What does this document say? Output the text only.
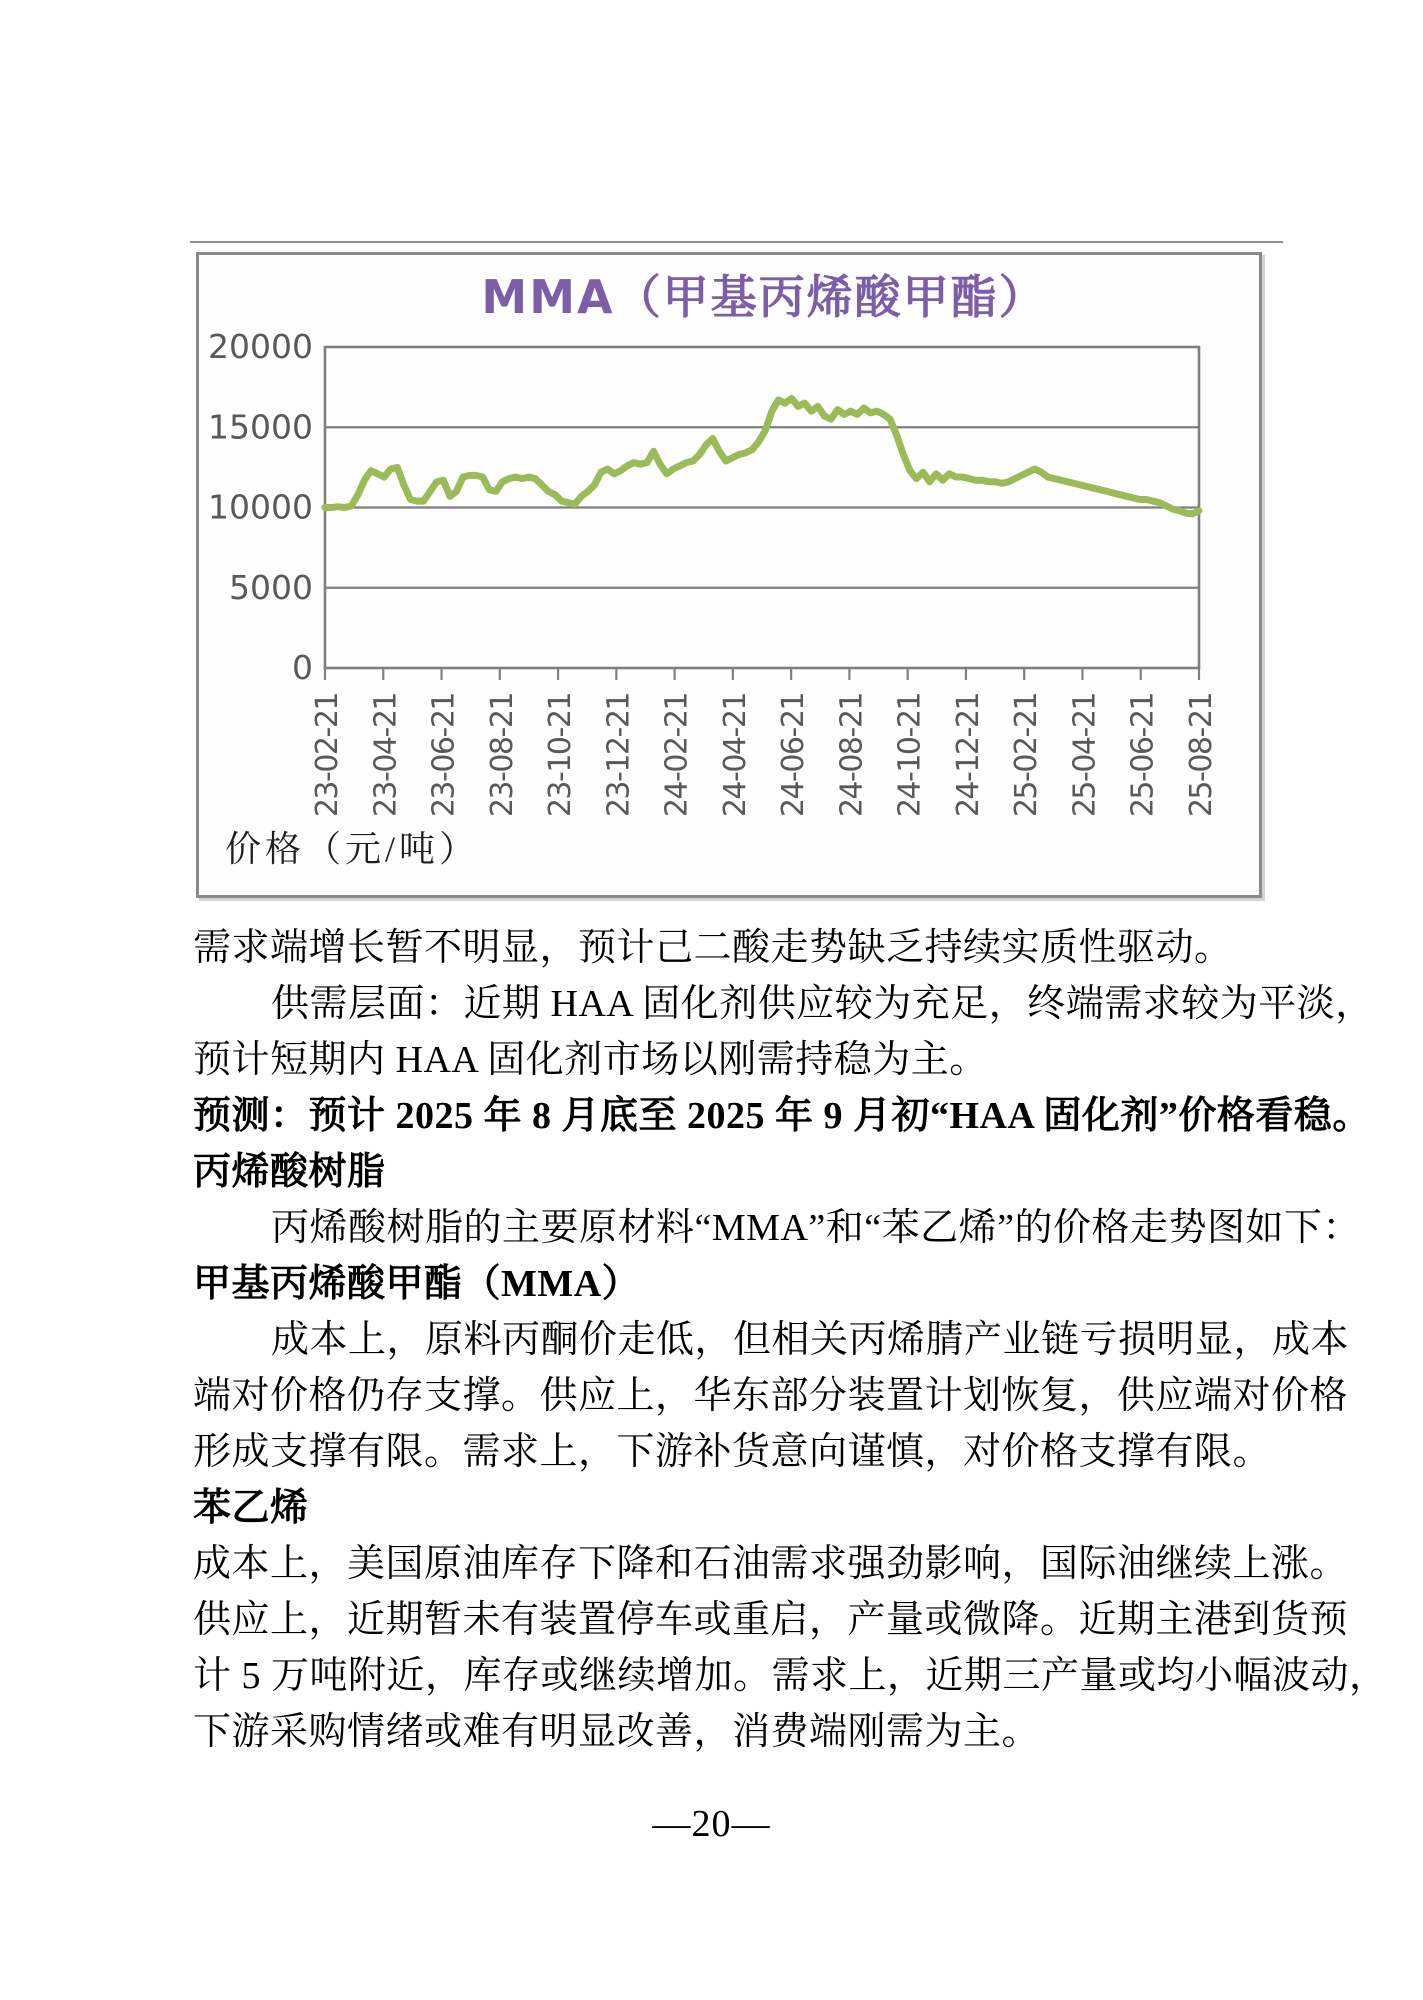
MMA（甲基丙烯酸甲酯）
20000
15000
10000
5000
0
23-02-21 23-04-21 23-06-21 23-08-21 23-10-21 23-12-21 24-02-21 24-04-21 24-06-21 24-08-21 24-10-21 24-12-21 25-02-21 25-04-21 25-06-21 25-08-21
价格（元/吨）
需求端增长暂不明显，预计己二酸走势缺乏持续实质性驱动。
供需层面：近期 HAA 固化剂供应较为充足，终端需求较为平淡，
预计短期内 HAA 固化剂市场以刚需持稳为主。
预测：预计 2025 年 8 月底至 2025 年 9 月初“HAA 固化剂”价格看稳。
丙烯酸树脂
丙烯酸树脂的主要原材料“MMA”和“苯乙烯”的价格走势图如下：
甲基丙烯酸甲酯（MMA）
成本上，原料丙酮价走低，但相关丙烯腈产业链亏损明显，成本
端对价格仍存支撑。供应上，华东部分装置计划恢复，供应端对价格
形成支撑有限。需求上，下游补货意向谨慎，对价格支撑有限。
苯乙烯
成本上，美国原油库存下降和石油需求强劲影响，国际油继续上涨。
供应上，近期暂未有装置停车或重启，产量或微降。近期主港到货预
计 5 万吨附近，库存或继续增加。需求上，近期三产量或均小幅波动，
下游采购情绪或难有明显改善，消费端刚需为主。
—20—
